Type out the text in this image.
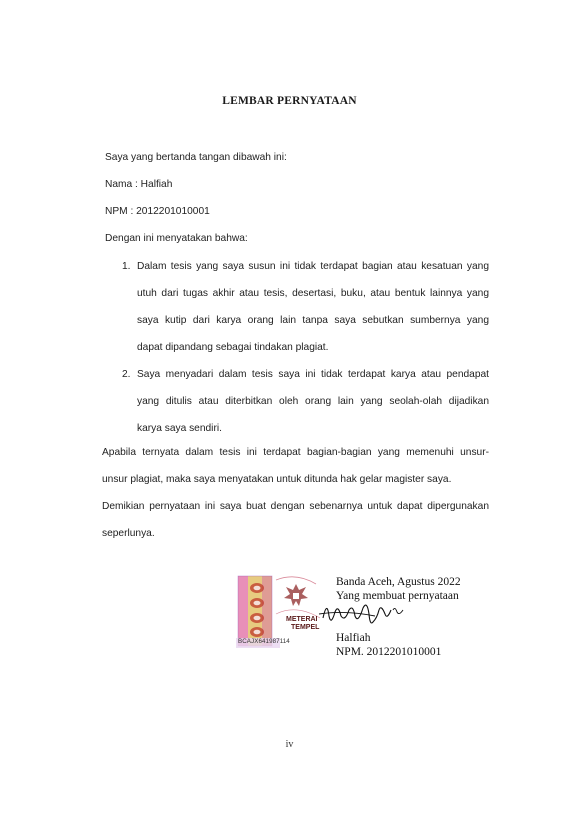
LEMBAR PERNYATAAN
Saya yang bertanda tangan dibawah ini:
Nama : Halfiah
NPM : 2012201010001
Dengan ini menyatakan bahwa:
1. Dalam tesis yang saya susun ini tidak terdapat bagian atau kesatuan yang
utuh dari tugas akhir atau tesis, desertasi, buku, atau bentuk lainnya yang
saya kutip dari karya orang lain tanpa saya sebutkan sumbernya yang
dapat dipandang sebagai tindakan plagiat.
2. Saya menyadari dalam tesis saya ini tidak terdapat karya atau pendapat
yang ditulis atau diterbitkan oleh orang lain yang seolah-olah dijadikan
karya saya sendiri.
Apabila ternyata dalam tesis ini terdapat bagian-bagian yang memenuhi unsur-
unsur plagiat, maka saya menyatakan untuk ditunda hak gelar magister saya.
Demikian pernyataan ini saya buat dengan sebenarnya untuk dapat dipergunakan
seperlunya.
METERAI
TEMPEL
BCAJX641987114
Banda Aceh, Agustus 2022
Yang membuat pernyataan
Halfiah
NPM. 2012201010001
iv
